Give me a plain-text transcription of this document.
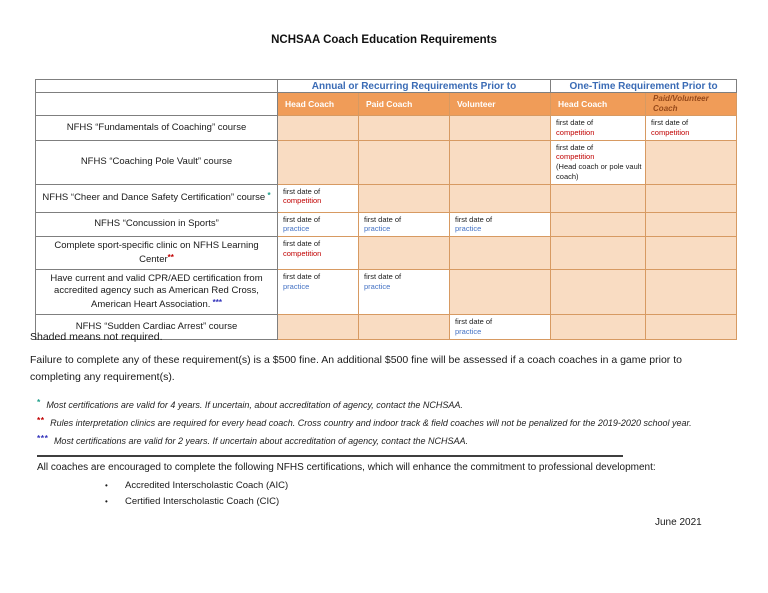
NCHSAA Coach Education Requirements
	Annual or Recurring Requirements Prior to			One-Time Requirement Prior to	
	Head Coach	Paid Coach	Volunteer	Head Coach	Paid/Volunteer Coach
NFHS “Fundamentals of Coaching” course				first date of
competition	first date of
competition
NFHS “Coaching Pole Vault” course				first date of
competition
(Head coach or pole vault coach)	
NFHS “Cheer and Dance Safety Certification” course *	first date of
competition				
NFHS “Concussion in Sports”	first date of
practice	first date of
practice	first date of
practice		
Complete sport-specific clinic on NFHS Learning Center**	first date of
competition				
Have current and valid CPR/AED certification from accredited agency such as American Red Cross, American Heart Association. ***	first date of
practice	first date of
practice			
NFHS “Sudden Cardiac Arrest” course			first date of
practice		

Shaded means not required.

Failure to complete any of these requirement(s) is a $500 fine. An additional $500 fine will be assessed if a coach coaches in a game prior to completing any requirement(s).

* Most certifications are valid for 4 years. If uncertain, about accreditation of agency, contact the NCHSAA.
** Rules interpretation clinics are required for every head coach. Cross country and indoor track & field coaches will not be penalized for the 2019-2020 school year.
*** Most certifications are valid for 2 years. If uncertain about accreditation of agency, contact the NCHSAA.

All coaches are encouraged to complete the following NFHS certifications, which will enhance the commitment to professional development:

• Accredited Interscholastic Coach (AIC)
• Certified Interscholastic Coach (CIC)
June 2021
